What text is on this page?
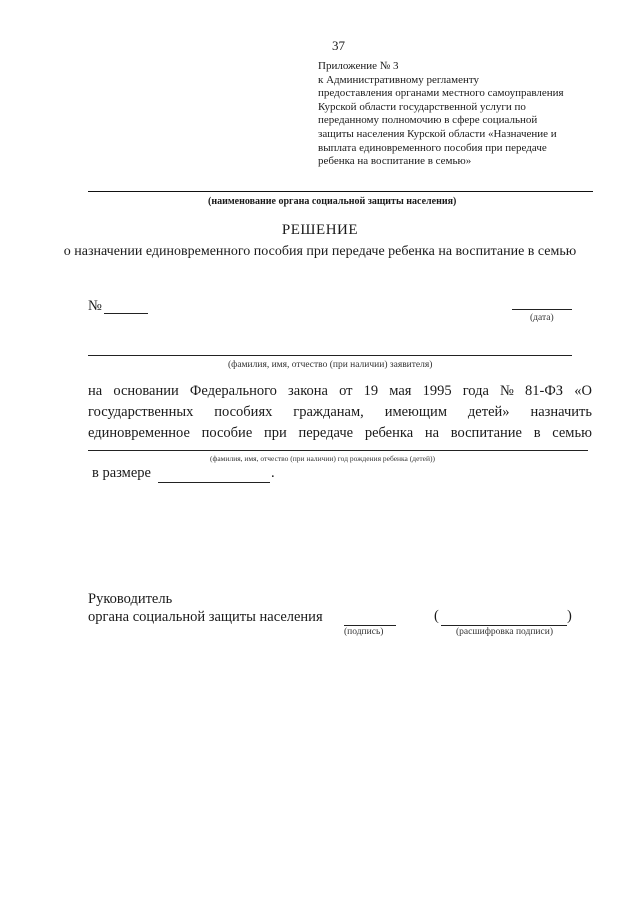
37
Приложение № 3
к Административному регламенту
предоставления органами местного самоуправления
Курской области государственной услуги по
переданному полномочию в сфере социальной
защиты населения Курской области «Назначение и
выплата единовременного пособия при передаче
ребенка на воспитание в семью»
(наименование органа социальной защиты населения)
РЕШЕНИЕ
о назначении единовременного пособия при передаче ребенка на воспитание в семью
№
(дата)
(фамилия, имя, отчество (при наличии) заявителя)
на основании Федерального закона от 19 мая 1995 года № 81-ФЗ «О
государственных пособиях гражданам, имеющим детей» назначить
единовременное пособие при передаче ребенка на воспитание в семью
(фамилия, имя, отчество (при наличии) год рождения ребенка (детей))
в размере	.
Руководитель
органа социальной защиты населения
(подпись)
(	)
(расшифровка подписи)
